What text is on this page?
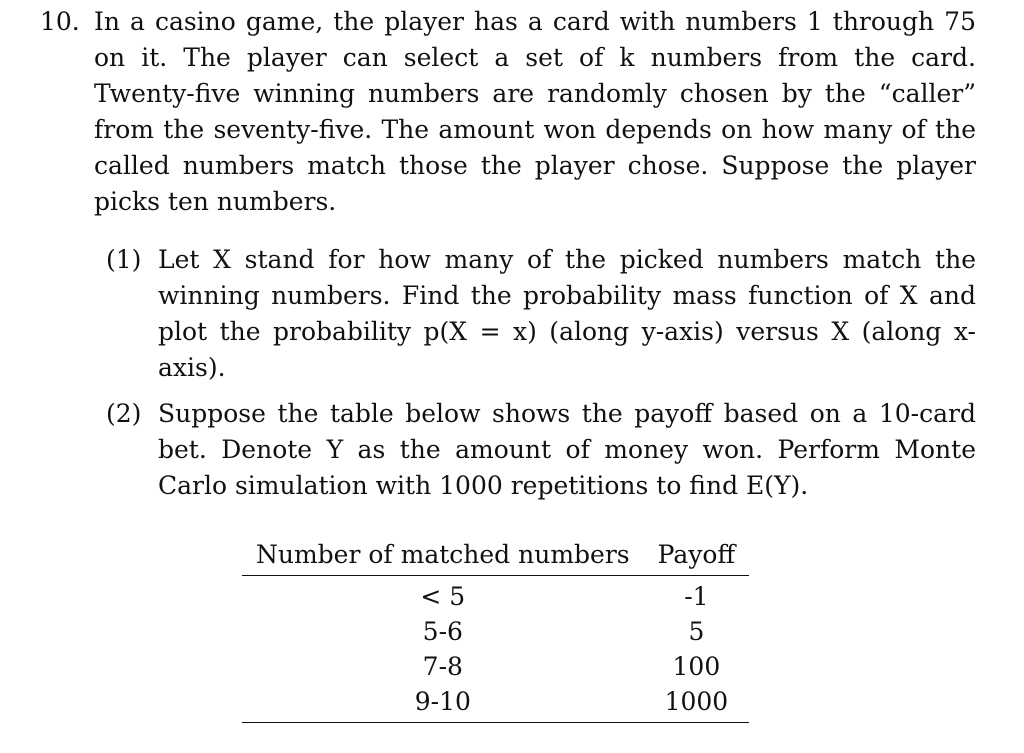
10. In a casino game, the player has a card with numbers 1 through 75 on it. The player can select a set of k numbers from the card. Twenty-five winning numbers are randomly chosen by the “caller” from the seventy-five. The amount won depends on how many of the called numbers match those the player chose. Suppose the player picks ten numbers.
(1) Let X stand for how many of the picked numbers match the winning numbers. Find the probability mass function of X and plot the probability p(X = x) (along y-axis) versus X (along x-axis).
(2) Suppose the table below shows the payoff based on a 10-card bet. Denote Y as the amount of money won. Perform Monte Carlo simulation with 1000 repetitions to find E(Y).
Number of matched numbers	Payoff
< 5	-1
5-6	5
7-8	100
9-10	1000
